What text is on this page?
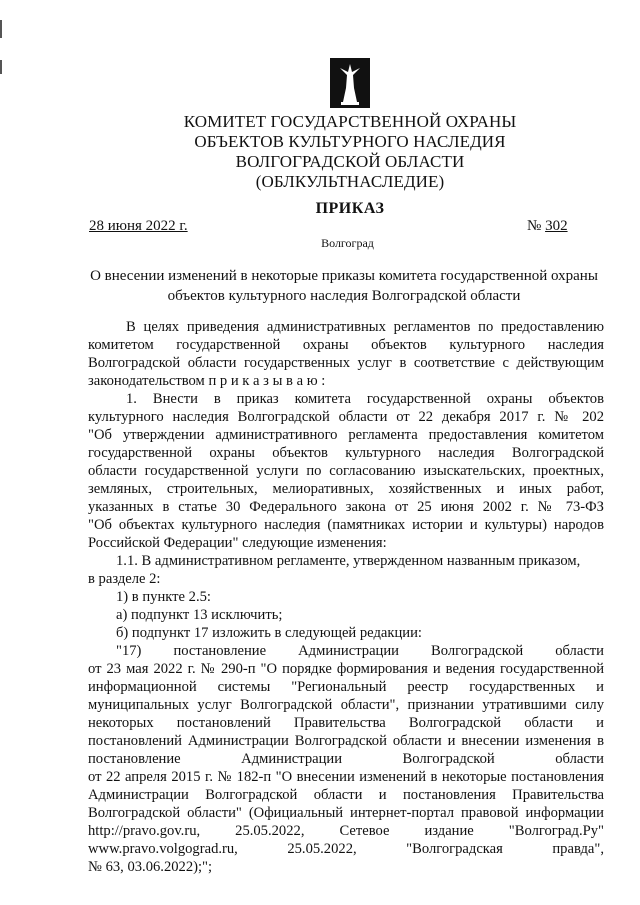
КОМИТЕТ ГОСУДАРСТВЕННОЙ ОХРАНЫ
ОБЪЕКТОВ КУЛЬТУРНОГО НАСЛЕДИЯ
ВОЛГОГРАДСКОЙ ОБЛАСТИ
(ОБЛКУЛЬТНАСЛЕДИЕ)
ПРИКАЗ
28 июня 2022 г.	№ 302
Волгоград
О внесении изменений в некоторые приказы комитета государственной охраны
объектов культурного наследия Волгоградской области
В целях приведения административных регламентов по предоставлению
комитетом государственной охраны объектов культурного наследия
Волгоградской области государственных услуг в соответствие с действующим
законодательством п р и к а з ы в а ю :
1. Внести в приказ комитета государственной охраны объектов
культурного наследия Волгоградской области от 22 декабря 2017 г. № 202
"Об утверждении административного регламента предоставления комитетом
государственной охраны объектов культурного наследия Волгоградской
области государственной услуги по согласованию изыскательских, проектных,
земляных, строительных, мелиоративных, хозяйственных и иных работ,
указанных в статье 30 Федерального закона от 25 июня 2002 г. № 73-ФЗ
"Об объектах культурного наследия (памятниках истории и культуры) народов
Российской Федерации" следующие изменения:
1.1. В административном регламенте, утвержденном названным приказом,
в разделе 2:
1) в пункте 2.5:
а) подпункт 13 исключить;
б) подпункт 17 изложить в следующей редакции:
"17) постановление Администрации Волгоградской области
от 23 мая 2022 г. № 290-п "О порядке формирования и ведения государственной
информационной системы "Региональный реестр государственных и
муниципальных услуг Волгоградской области", признании утратившими силу
некоторых постановлений Правительства Волгоградской области и
постановлений Администрации Волгоградской области и внесении изменения в
постановление Администрации Волгоградской области
от 22 апреля 2015 г. № 182-п "О внесении изменений в некоторые постановления
Администрации Волгоградской области и постановления Правительства
Волгоградской области" (Официальный интернет-портал правовой информации
http://pravo.gov.ru, 25.05.2022, Сетевое издание "Волгоград.Ру"
www.pravo.volgograd.ru, 25.05.2022, "Волгоградская правда",
№ 63, 03.06.2022);";
